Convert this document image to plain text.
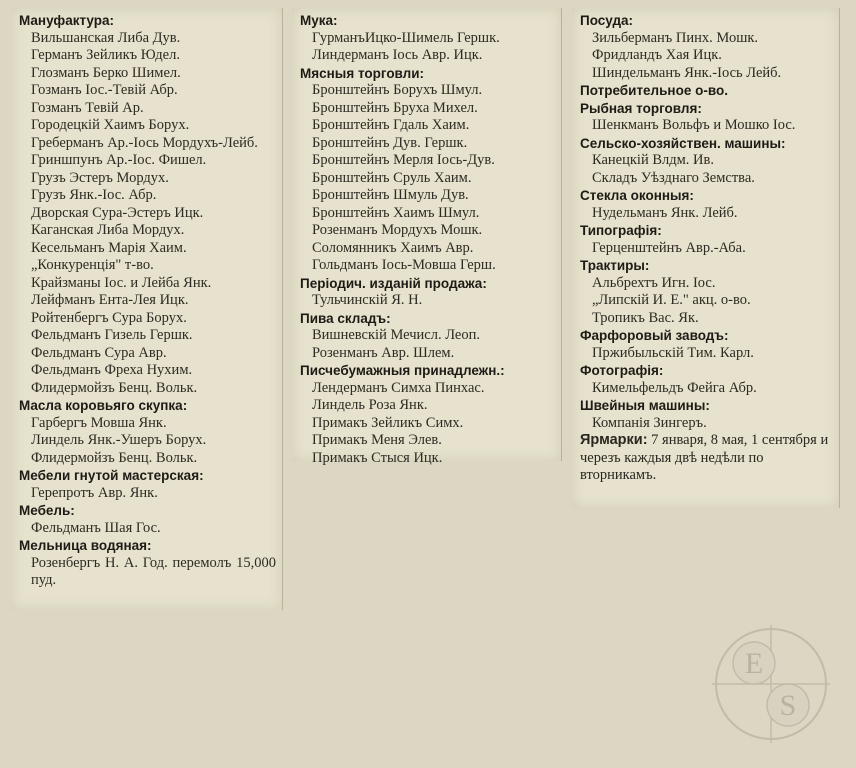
Мануфактура:
Вильшанская Либа Дув.
Германъ Зейликъ Юдел.
Глозманъ Берко Шимел.
Гозманъ Іос.-Тевій Абр.
Гозманъ Тевій Ар.
Городецкій Хаимъ Борух.
Греберманъ Ар.-Іось Мордухъ-Лейб.
Гриншпунъ Ар.-Іос. Фишел.
Грузъ Эстеръ Мордух.
Грузъ Янк.-Іос. Абр.
Дворская Сура-Эстеръ Ицк.
Каганская Либа Мордух.
Кесельманъ Марія Хаим.
„Конкуренція" т-во.
Крайзманы Іос. и Лейба Янк.
Лейфманъ Ента-Лея Ицк.
Ройтенбергъ Сура Борух.
Фельдманъ Гизель Гершк.
Фельдманъ Сура Авр.
Фельдманъ Фреха Нухим.
Флидермойзъ Бенц. Вольк.
Масла коровьяго скупка:
Гарбергъ Мовша Янк.
Линдель Янк.-Ушеръ Борух.
Флидермойзъ Бенц. Вольк.
Мебели гнутой мастерская:
Герепротъ Авр. Янк.
Мебель:
Фельдманъ Шая Гос.
Мельница водяная:
Розенбергъ Н. А. Год. перемолъ 15,000 пуд.
Мука:
ГурманъИцко-Шимель Гершк.
Линдерманъ Іось Авр. Ицк.
Мясныя торговли:
Бронштейнъ Борухъ Шмул.
Бронштейнъ Бруха Михел.
Бронштейнъ Гдаль Хаим.
Бронштейнъ Дув. Гершк.
Бронштейнъ Мерля Іось-Дув.
Бронштейнъ Сруль Хаим.
Бронштейнъ Шмуль Дув.
Бронштейнъ Хаимъ Шмул.
Розенманъ Мордухъ Мошк.
Соломянникъ Хаимъ Авр.
Гольдманъ Іось-Мовша Герш.
Періодич. изданій продажа:
Тульчинскій Я. Н.
Пива складъ:
Вишневскій Мечисл. Леоп.
Розенманъ Авр. Шлем.
Писчебумажныя принадлежн.:
Лендерманъ Симха Пинхас.
Линдель Роза Янк.
Примакъ Зейликъ Симх.
Примакъ Меня Элев.
Примакъ Стыся Ицк.
Посуда:
Зильберманъ Пинх. Мошк.
Фридландъ Хая Ицк.
Шиндельманъ Янк.-Іось Лейб.
Потребительное о-во.
Рыбная торговля:
Шенкманъ Вольфъ и Мошко Іос.
Сельско-хозяйствен. машины:
Канецкій Влдм. Ив.
Складъ Уѣзднаго Земства.
Стекла оконныя:
Нудельманъ Янк. Лейб.
Типографія:
Герценштейнъ Авр.-Аба.
Трактиры:
Альбрехтъ Игн. Іос.
„Липскій И. Е." акц. о-во.
Тропикъ Вас. Як.
Фарфоровый заводъ:
Пржибыльскій Тим. Карл.
Фотографія:
Кимельфельдъ Фейга Абр.
Швейныя машины:
Компанія Зингеръ.
Ярмарки: 7 января, 8 мая, 1 сентября и черезъ каждыя двѣ недѣли по вторникамъ.
E
S
